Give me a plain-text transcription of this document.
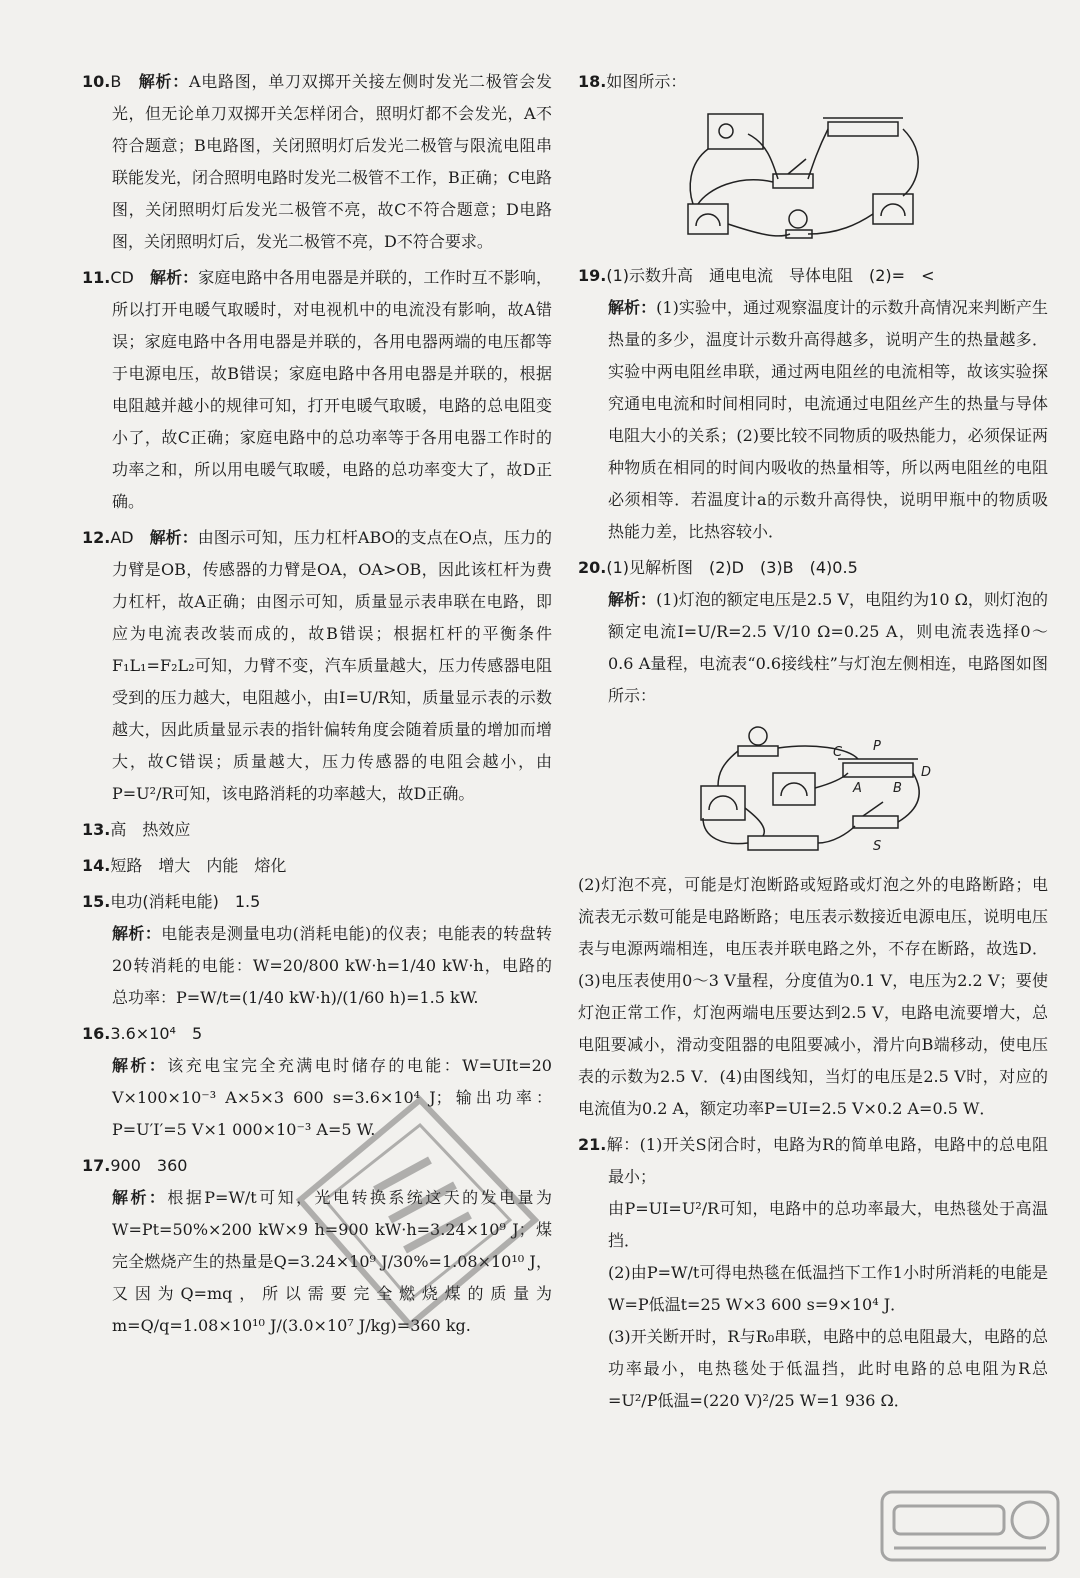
10.B　 解析：A电路图，单刀双掷开关接左侧时发光二极管会发光，但无论单刀双掷开关怎样闭合，照明灯都不会发光，A不符合题意；B电路图，关闭照明灯后发光二极管与限流电阻串联能发光，闭合照明电路时发光二极管不工作，B正确；C电路图，关闭照明灯后发光二极管不亮，故C不符合题意；D电路图，关闭照明灯后，发光二极管不亮，D不符合要求。
11.CD　 解析：家庭电路中各用电器是并联的，工作时互不影响，所以打开电暖气取暖时，对电视机中的电流没有影响，故A错误；家庭电路中各用电器是并联的，各用电器两端的电压都等于电源电压，故B错误；家庭电路中各用电器是并联的，根据电阻越并越小的规律可知，打开电暖气取暖，电路的总电阻变小了，故C正确；家庭电路中的总功率等于各用电器工作时的功率之和，所以用电暖气取暖，电路的总功率变大了，故D正确。
12.AD　 解析：由图示可知，压力杠杆ABO的支点在O点，压力的力臂是OB，传感器的力臂是OA，OA>OB，因此该杠杆为费力杠杆，故A正确；由图示可知，质量显示表串联在电路，即应为电流表改装而成的，故B错误；根据杠杆的平衡条件F₁L₁=F₂L₂可知，力臂不变，汽车质量越大，压力传感器电阻受到的压力越大，电阻越小，由I=U/R知，质量显示表的示数越大，因此质量显示表的指针偏转角度会随着质量的增加而增大，故C错误；质量越大，压力传感器的电阻会越小，由P=U²/R可知，该电路消耗的功率越大，故D正确。
13.高　热效应
14.短路　增大　内能　熔化
15.电功(消耗电能)　1.5
解析：电能表是测量电功(消耗电能)的仪表；电能表的转盘转20转消耗的电能：W=20/800 kW·h=1/40 kW·h，电路的总功率：P=W/t=(1/40 kW·h)/(1/60 h)=1.5 kW.
16.3.6×10⁴　5
解析：该充电宝完全充满电时储存的电能：W=UIt=20 V×100×10⁻³ A×5×3 600 s=3.6×10⁴ J；输出功率：P=U′I′=5 V×1 000×10⁻³ A=5 W.
17.900　360
解析：根据P=W/t可知，光电转换系统这天的发电量为W=Pt=50%×200 kW×9 h=900 kW·h=3.24×10⁹ J；煤完全燃烧产生的热量是Q=3.24×10⁹ J/30%=1.08×10¹⁰ J，又因为Q=mq，所以需要完全燃烧煤的质量为m=Q/q=1.08×10¹⁰ J/(3.0×10⁷ J/kg)=360 kg.
18.如图所示：
19.(1)示数升高　通电电流　导体电阻　(2)=　<
解析：(1)实验中，通过观察温度计的示数升高情况来判断产生热量的多少，温度计示数升高得越多，说明产生的热量越多．实验中两电阻丝串联，通过两电阻丝的电流相等，故该实验探究通电电流和时间相同时，电流通过电阻丝产生的热量与导体电阻大小的关系；(2)要比较不同物质的吸热能力，必须保证两种物质在相同的时间内吸收的热量相等，所以两电阻丝的电阻必须相等．若温度计a的示数升高得快，说明甲瓶中的物质吸热能力差，比热容较小．
20.(1)见解析图　(2)D　(3)B　(4)0.5
解析：(1)灯泡的额定电压是2.5 V，电阻约为10 Ω，则灯泡的额定电流I=U/R=2.5 V/10 Ω=0.25 A，则电流表选择0～0.6 A量程，电流表“0.6接线柱”与灯泡左侧相连，电路图如图所示：
C P
D
A B
S
(2)灯泡不亮，可能是灯泡断路或短路或灯泡之外的电路断路；电流表无示数可能是电路断路；电压表示数接近电源电压，说明电压表与电源两端相连，电压表并联电路之外，不存在断路，故选D．(3)电压表使用0～3 V量程，分度值为0.1 V，电压为2.2 V；要使灯泡正常工作，灯泡两端电压要达到2.5 V，电路电流要增大，总电阻要减小，滑动变阻器的电阻要减小，滑片向B端移动，使电压表的示数为2.5 V．(4)由图线知，当灯的电压是2.5 V时，对应的电流值为0.2 A，额定功率P=UI=2.5 V×0.2 A=0.5 W．
21.解：(1)开关S闭合时，电路为R的简单电路，电路中的总电阻最小；
由P=UI=U²/R可知，电路中的总功率最大，电热毯处于高温挡．
(2)由P=W/t可得电热毯在低温挡下工作1小时所消耗的电能是W=P低温t=25 W×3 600 s=9×10⁴ J．
(3)开关断开时，R与R₀串联，电路中的总电阻最大，电路的总功率最小，电热毯处于低温挡，此时电路的总电阻为R总=U²/P低温=(220 V)²/25 W=1 936 Ω．
